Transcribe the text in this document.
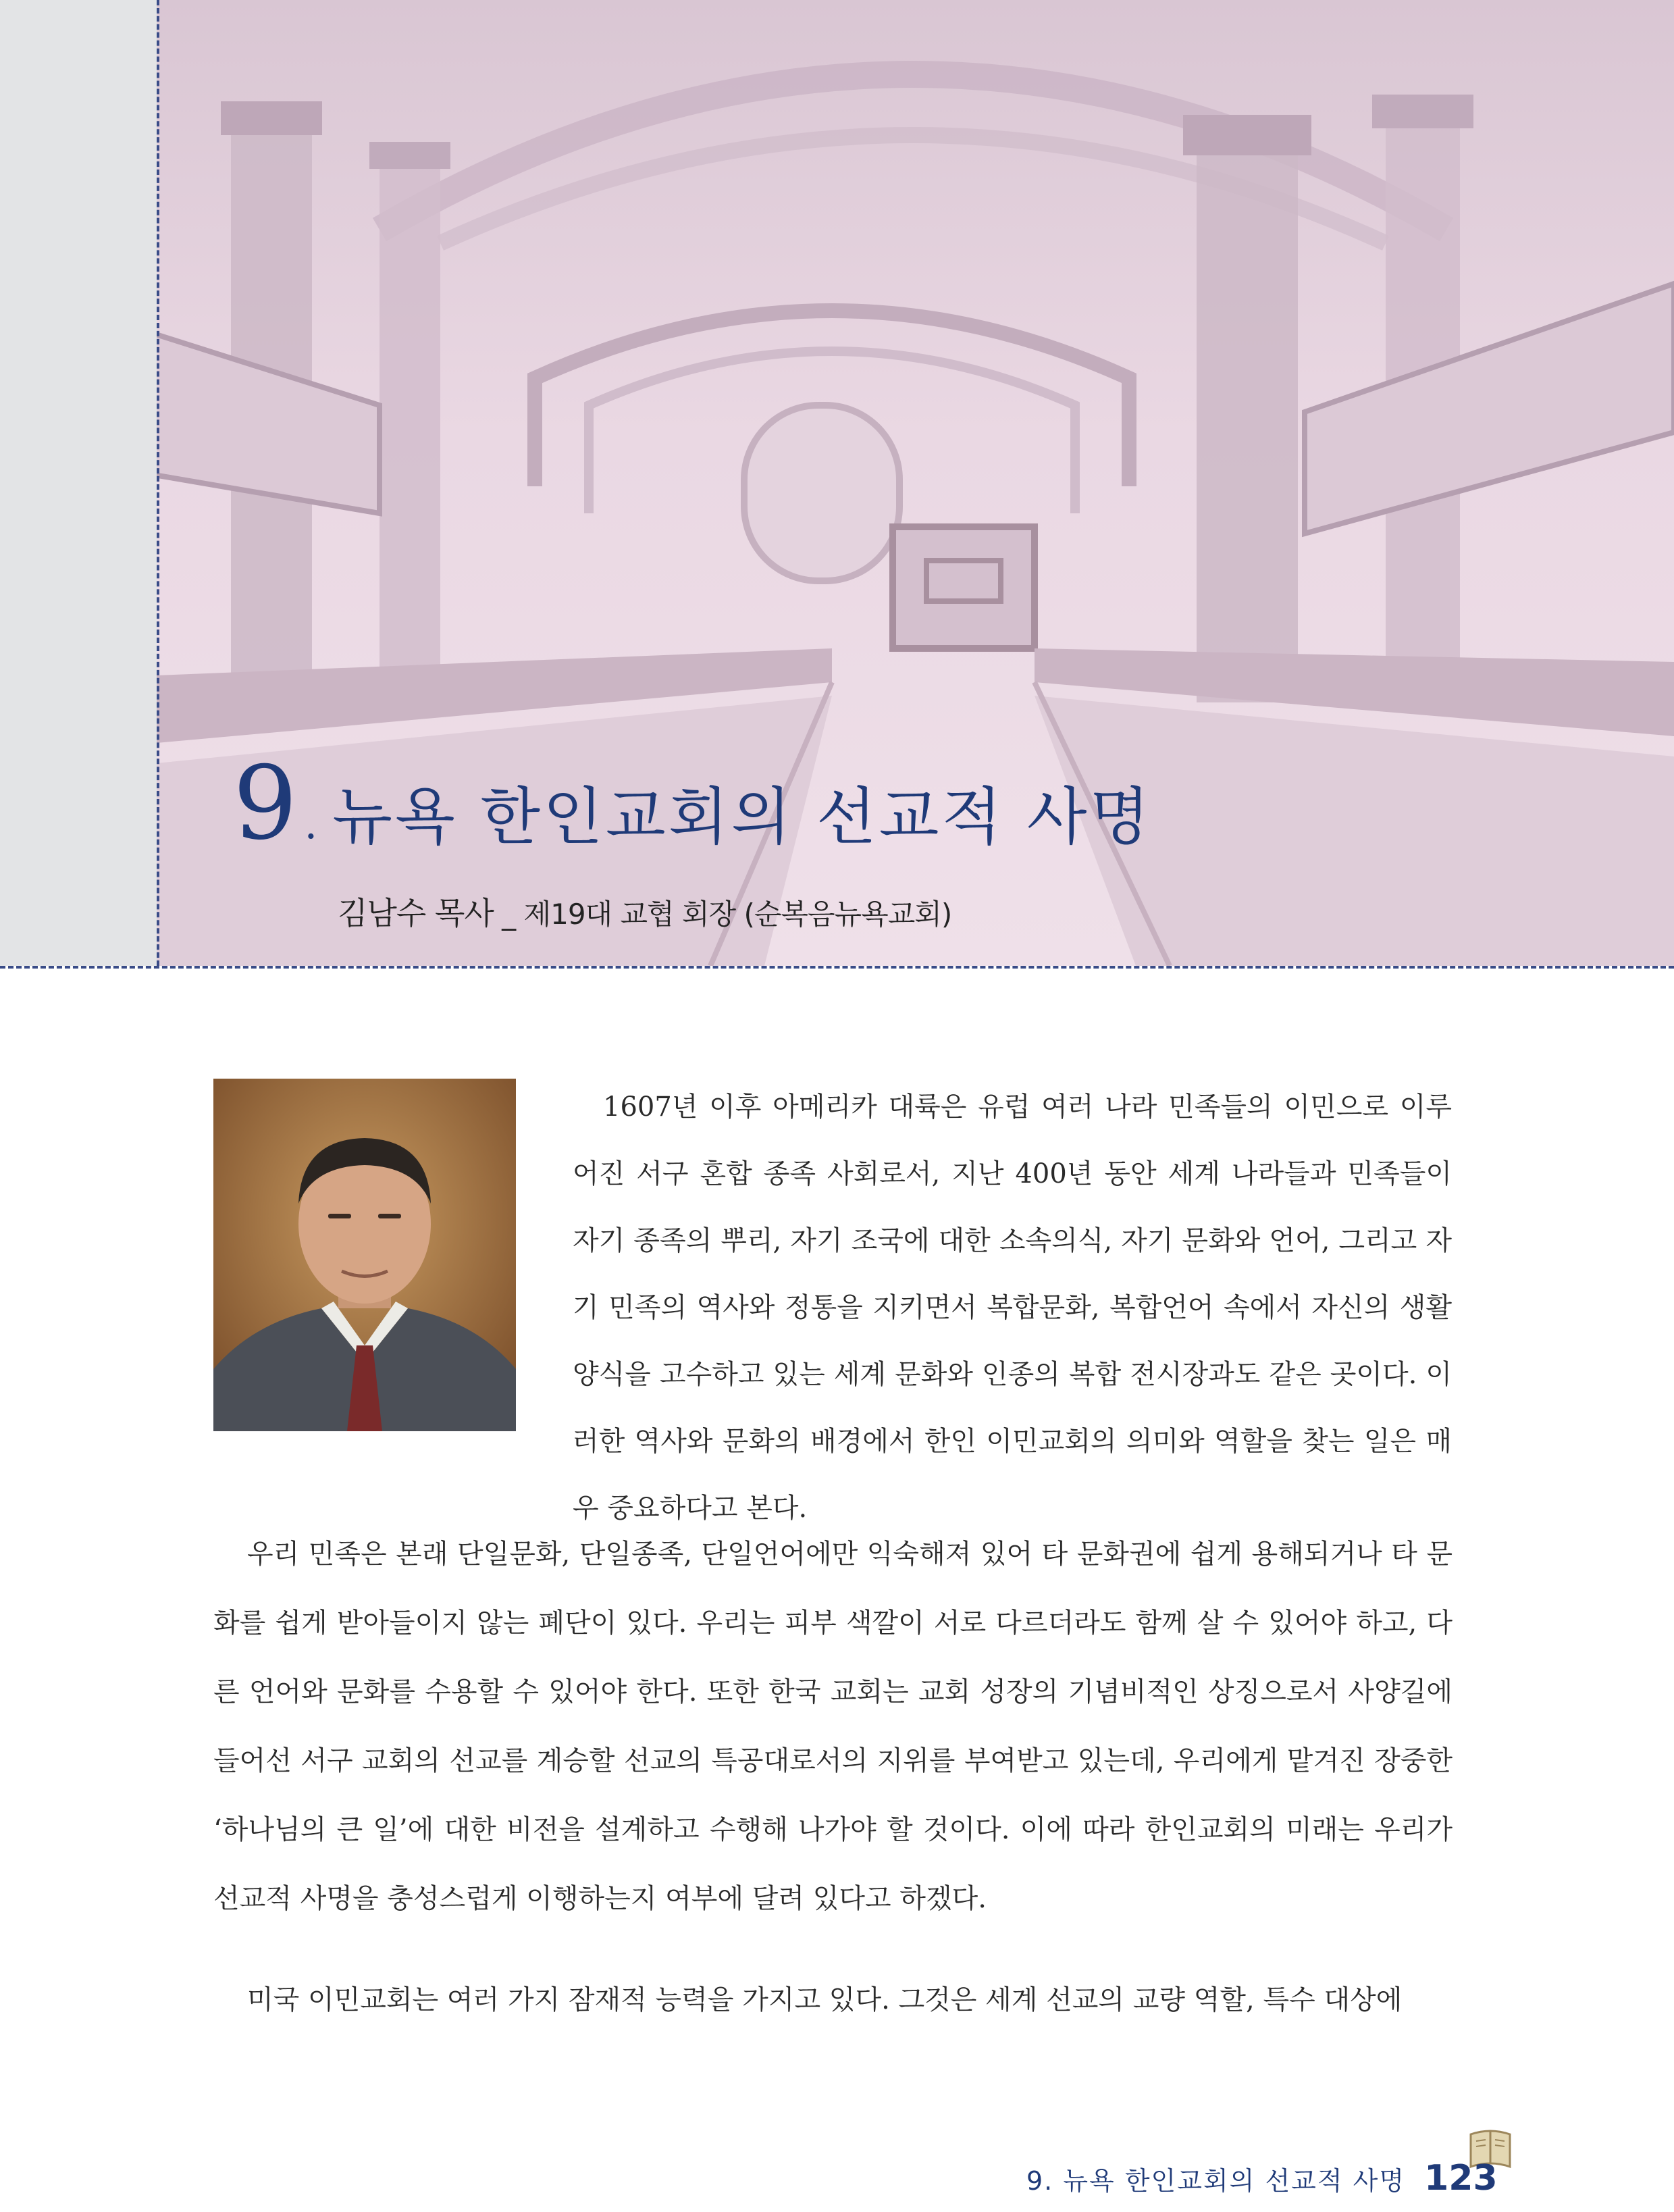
9 . 뉴욕 한인교회의 선교적 사명
김남수 목사 _ 제19대 교협 회장 (순복음뉴욕교회)

1607년 이후 아메리카 대륙은 유럽 여러 나라 민족들의 이민으로 이루어진 서구 혼합 종족 사회로서, 지난 400년 동안 세계 나라들과 민족들이 자기 종족의 뿌리, 자기 조국에 대한 소속의식, 자기 문화와 언어, 그리고 자기 민족의 역사와 정통을 지키면서 복합문화, 복합언어 속에서 자신의 생활양식을 고수하고 있는 세계 문화와 인종의 복합 전시장과도 같은 곳이다. 이러한 역사와 문화의 배경에서 한인 이민교회의 의미와 역할을 찾는 일은 매우 중요하다고 본다.

우리 민족은 본래 단일문화, 단일종족, 단일언어에만 익숙해져 있어 타 문화권에 쉽게 용해되거나 타 문화를 쉽게 받아들이지 않는 폐단이 있다. 우리는 피부 색깔이 서로 다르더라도 함께 살 수 있어야 하고, 다른 언어와 문화를 수용할 수 있어야 한다. 또한 한국 교회는 교회 성장의 기념비적인 상징으로서 사양길에 들어선 서구 교회의 선교를 계승할 선교의 특공대로서의 지위를 부여받고 있는데, 우리에게 맡겨진 장중한 ‘하나님의 큰 일’에 대한 비전을 설계하고 수행해 나가야 할 것이다. 이에 따라 한인교회의 미래는 우리가 선교적 사명을 충성스럽게 이행하는지 여부에 달려 있다고 하겠다.

미국 이민교회는 여러 가지 잠재적 능력을 가지고 있다. 그것은 세계 선교의 교량 역할, 특수 대상에

9. 뉴욕 한인교회의 선교적 사명 123
